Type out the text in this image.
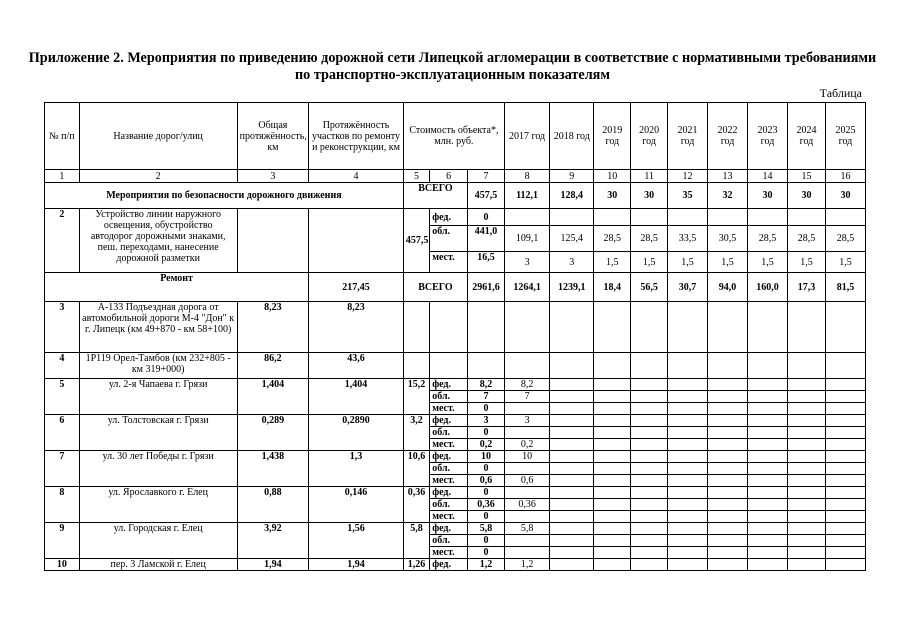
Приложение 2. Мероприятия по приведению дорожной сети Липецкой агломерации в соответствие с нормативными требованиями по транспортно-эксплуатационным показателям
Таблица
№ п/п	Название дорог/улиц	Общая протяжённость, км	Протяжённость участков по ремонту и реконструкции, км	Стоимость объекта*, млн. руб.			2017 год	2018 год	2019 год	2020 год	2021 год	2022 год	2023 год	2024 год	2025 год
1	2	3	4	5	6	7	8	9	10	11	12	13	14	15	16
Мероприятия по безопасности дорожного движения				ВСЕГО		457,5	112,1	128,4	30	30	35	32	30	30	30
2	Устройство линии наружного освещения, обустройство автодорог дорожными знаками, пеш. переходами, нанесение дорожной разметки			457,5	фед.	0									
					обл.	441,0	109,1	125,4	28,5	28,5	33,5	30,5	28,5	28,5	28,5
					мест.	16,5	3	3	1,5	1,5	1,5	1,5	1,5	1,5	1,5
Ремонт			217,45	ВСЕГО		2961,6	1264,1	1239,1	18,4	56,5	30,7	94,0	160,0	17,3	81,5
3	А-133 Подъездная дорога от автомобильной дороги М-4 "Дон" к г. Липецк (км 49+870 - км 58+100)	8,23	8,23												
4	1Р119 Орел-Тамбов (км 232+805 - км 319+000)	86,2	43,6												
5	ул. 2-я Чапаева г. Грязи	1,404	1,404	15,2	фед.	8,2	8,2								
					обл.	7	7								
					мест.	0									
6	ул. Толстовская г. Грязи	0,289	0,2890	3,2	фед.	3	3								
					обл.	0									
					мест.	0,2	0,2								
7	ул. 30 лет Победы г. Грязи	1,438	1,3	10,6	фед.	10	10								
					обл.	0									
					мест.	0,6	0,6								
8	ул. Ярославкого г. Елец	0,88	0,146	0,36	фед.	0									
					обл.	0,36	0,36								
					мест.	0									
9	ул. Городская г. Елец	3,92	1,56	5,8	фед.	5,8	5,8								
					обл.	0									
					мест.	0									
10	пер. 3 Ламской г. Елец	1,94	1,94	1,26	фед.	1,2	1,2								
